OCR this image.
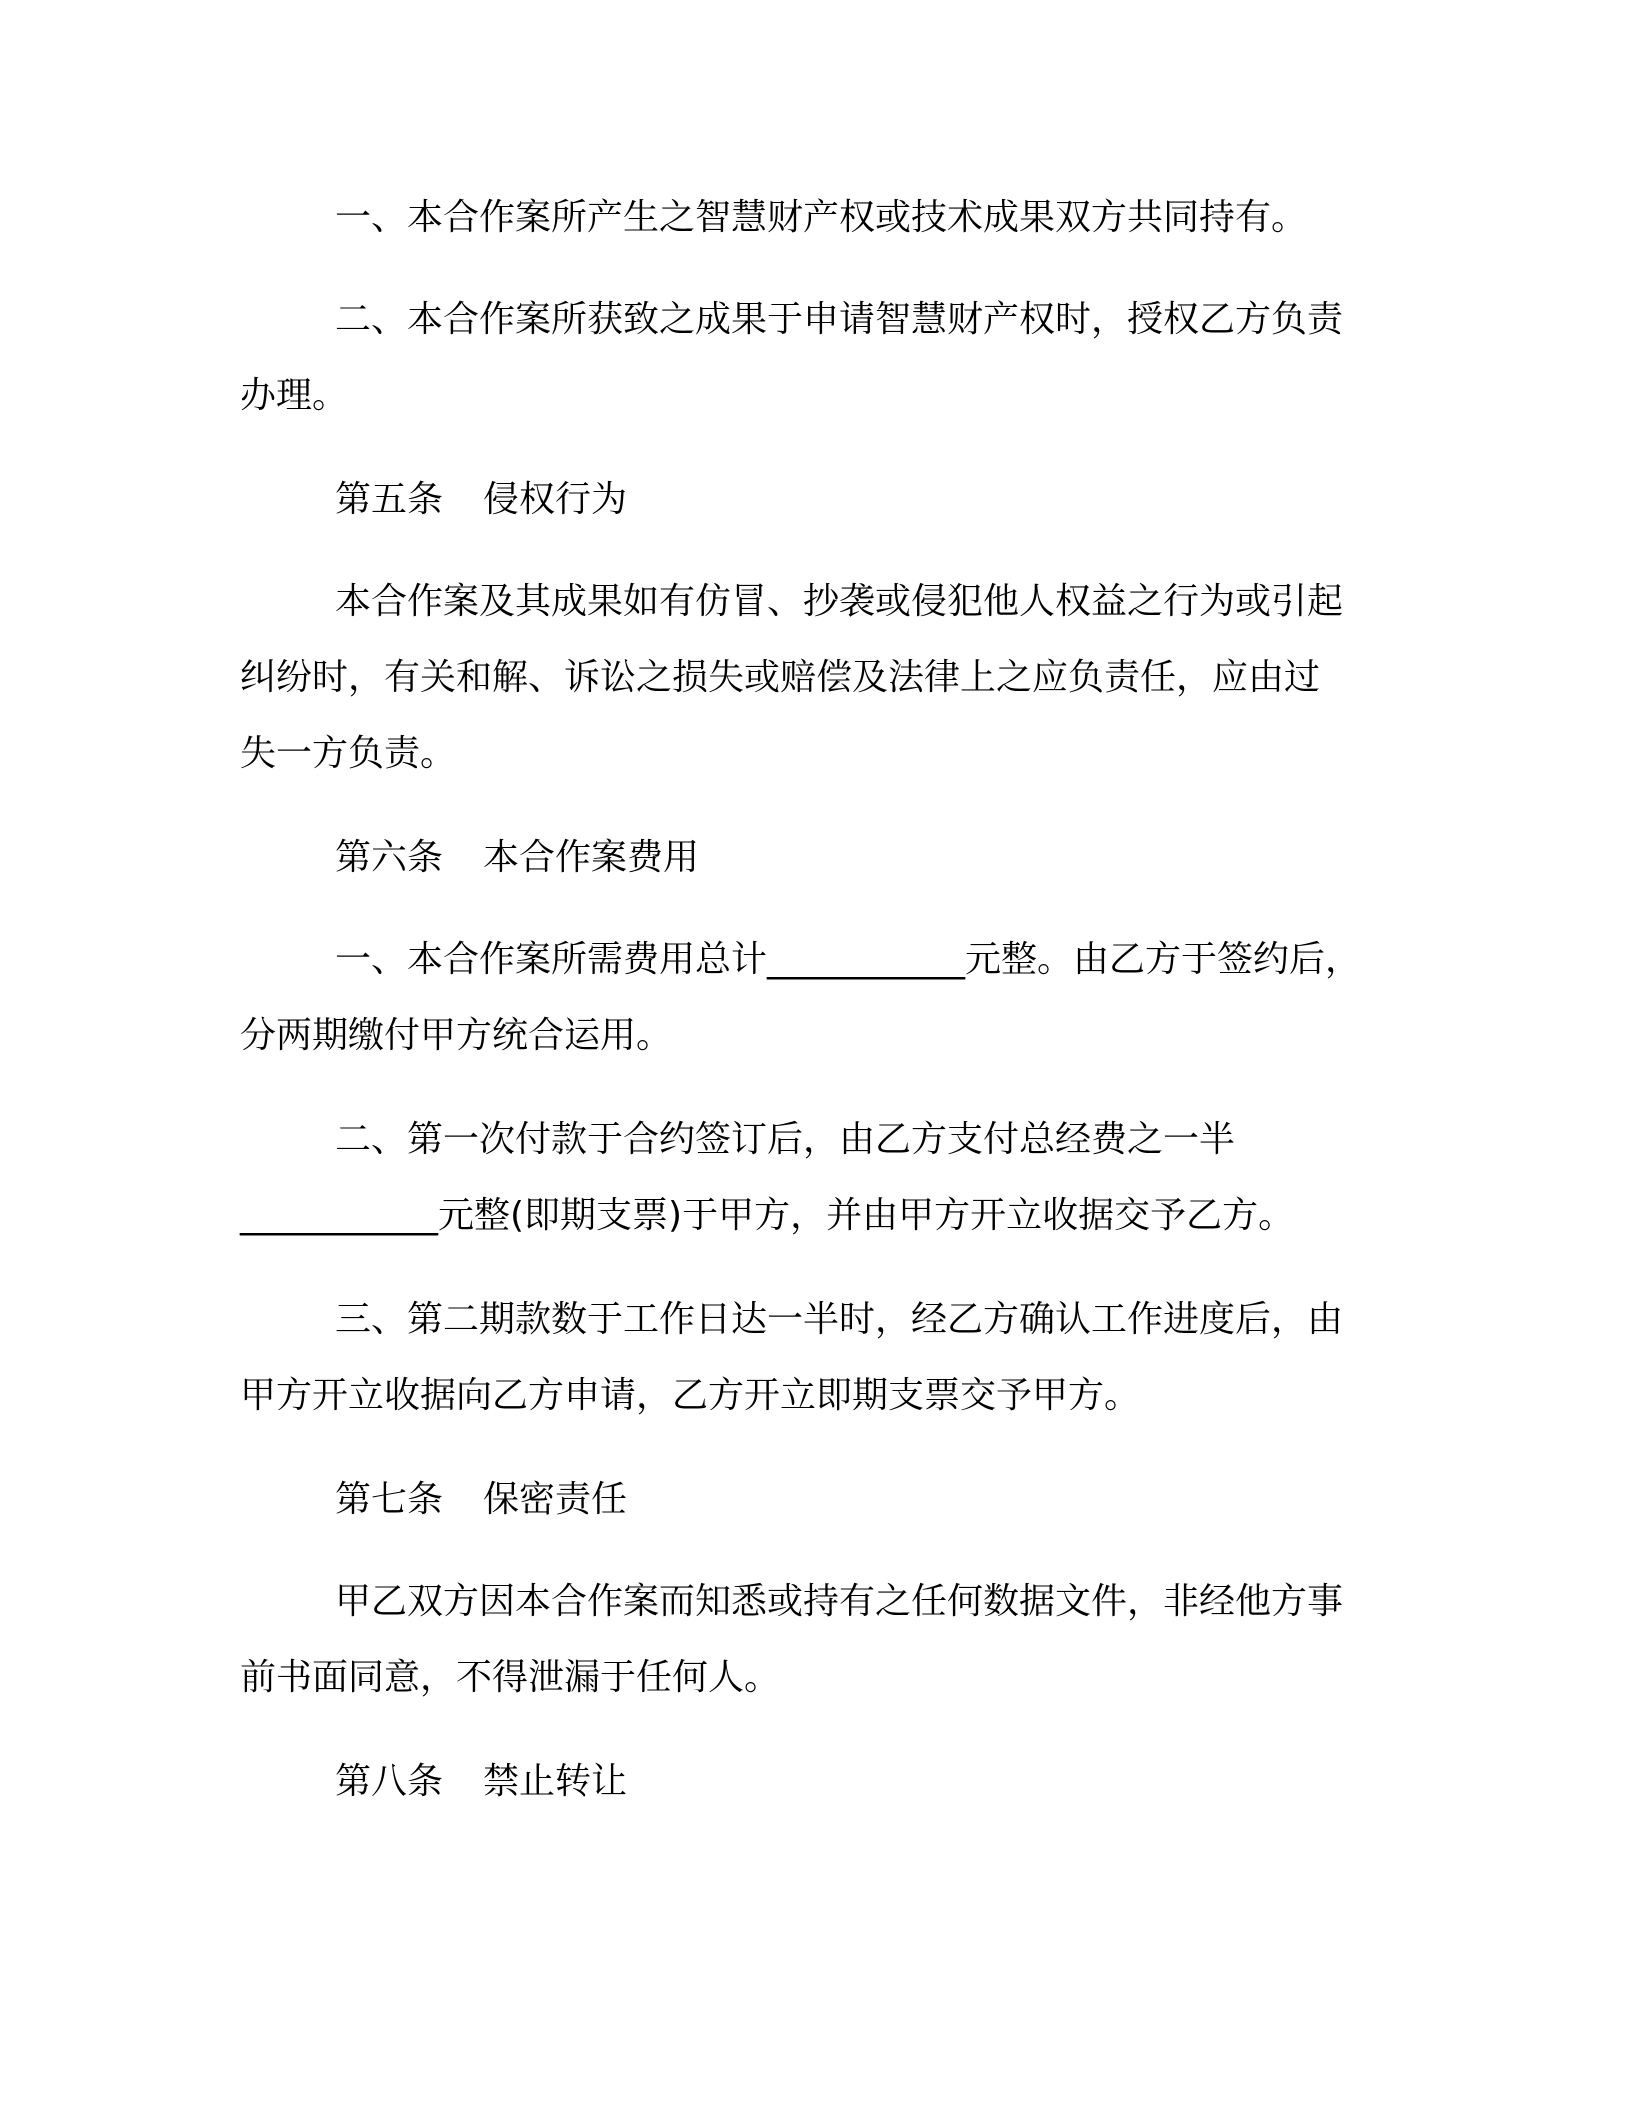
一、本合作案所产生之智慧财产权或技术成果双方共同持有。
二、本合作案所获致之成果于申请智慧财产权时，授权乙方负责
办理。
第五条 侵权行为
本合作案及其成果如有仿冒、抄袭或侵犯他人权益之行为或引起
纠纷时，有关和解、诉讼之损失或赔偿及法律上之应负责任，应由过
失一方负责。
第六条 本合作案费用
一、本合作案所需费用总计___________元整。由乙方于签约后，
分两期缴付甲方统合运用。
二、第一次付款于合约签订后，由乙方支付总经费之一半
___________元整(即期支票)于甲方，并由甲方开立收据交予乙方。
三、第二期款数于工作日达一半时，经乙方确认工作进度后，由
甲方开立收据向乙方申请，乙方开立即期支票交予甲方。
第七条 保密责任
甲乙双方因本合作案而知悉或持有之任何数据文件，非经他方事
前书面同意，不得泄漏于任何人。
第八条 禁止转让
